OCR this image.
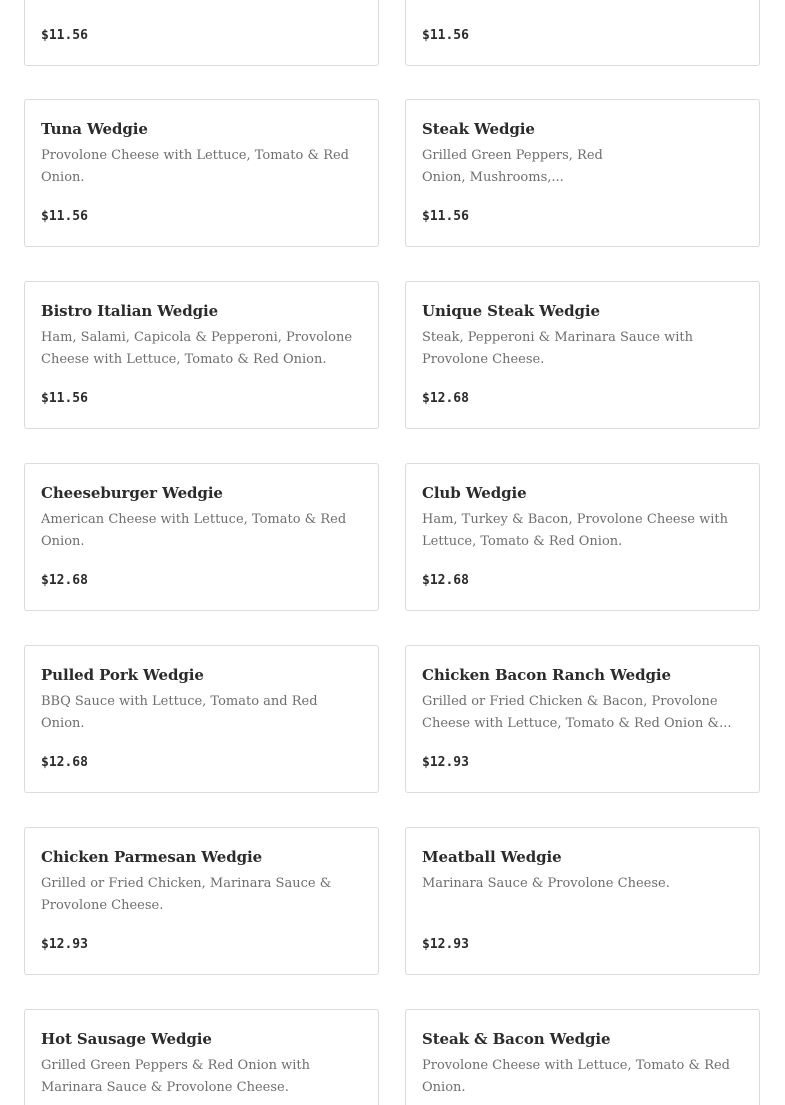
$11.56	$11.56
Tuna Wedgie
Provolone Cheese with Lettuce, Tomato & Red Onion.
$11.56
Steak Wedgie
Grilled Green Peppers, Red Onion, Mushrooms,...
$11.56
Bistro Italian Wedgie
Ham, Salami, Capicola & Pepperoni, Provolone Cheese with Lettuce, Tomato & Red Onion.
$11.56
Unique Steak Wedgie
Steak, Pepperoni & Marinara Sauce with Provolone Cheese.
$12.68
Cheeseburger Wedgie
American Cheese with Lettuce, Tomato & Red Onion.
$12.68
Club Wedgie
Ham, Turkey & Bacon, Provolone Cheese with Lettuce, Tomato & Red Onion.
$12.68
Pulled Pork Wedgie
BBQ Sauce with Lettuce, Tomato and Red Onion.
$12.68
Chicken Bacon Ranch Wedgie
Grilled or Fried Chicken & Bacon, Provolone Cheese with Lettuce, Tomato & Red Onion &...
$12.93
Chicken Parmesan Wedgie
Grilled or Fried Chicken, Marinara Sauce & Provolone Cheese.
$12.93
Meatball Wedgie
Marinara Sauce & Provolone Cheese.
$12.93
Hot Sausage Wedgie
Grilled Green Peppers & Red Onion with Marinara Sauce & Provolone Cheese.
Steak & Bacon Wedgie
Provolone Cheese with Lettuce, Tomato & Red Onion.
